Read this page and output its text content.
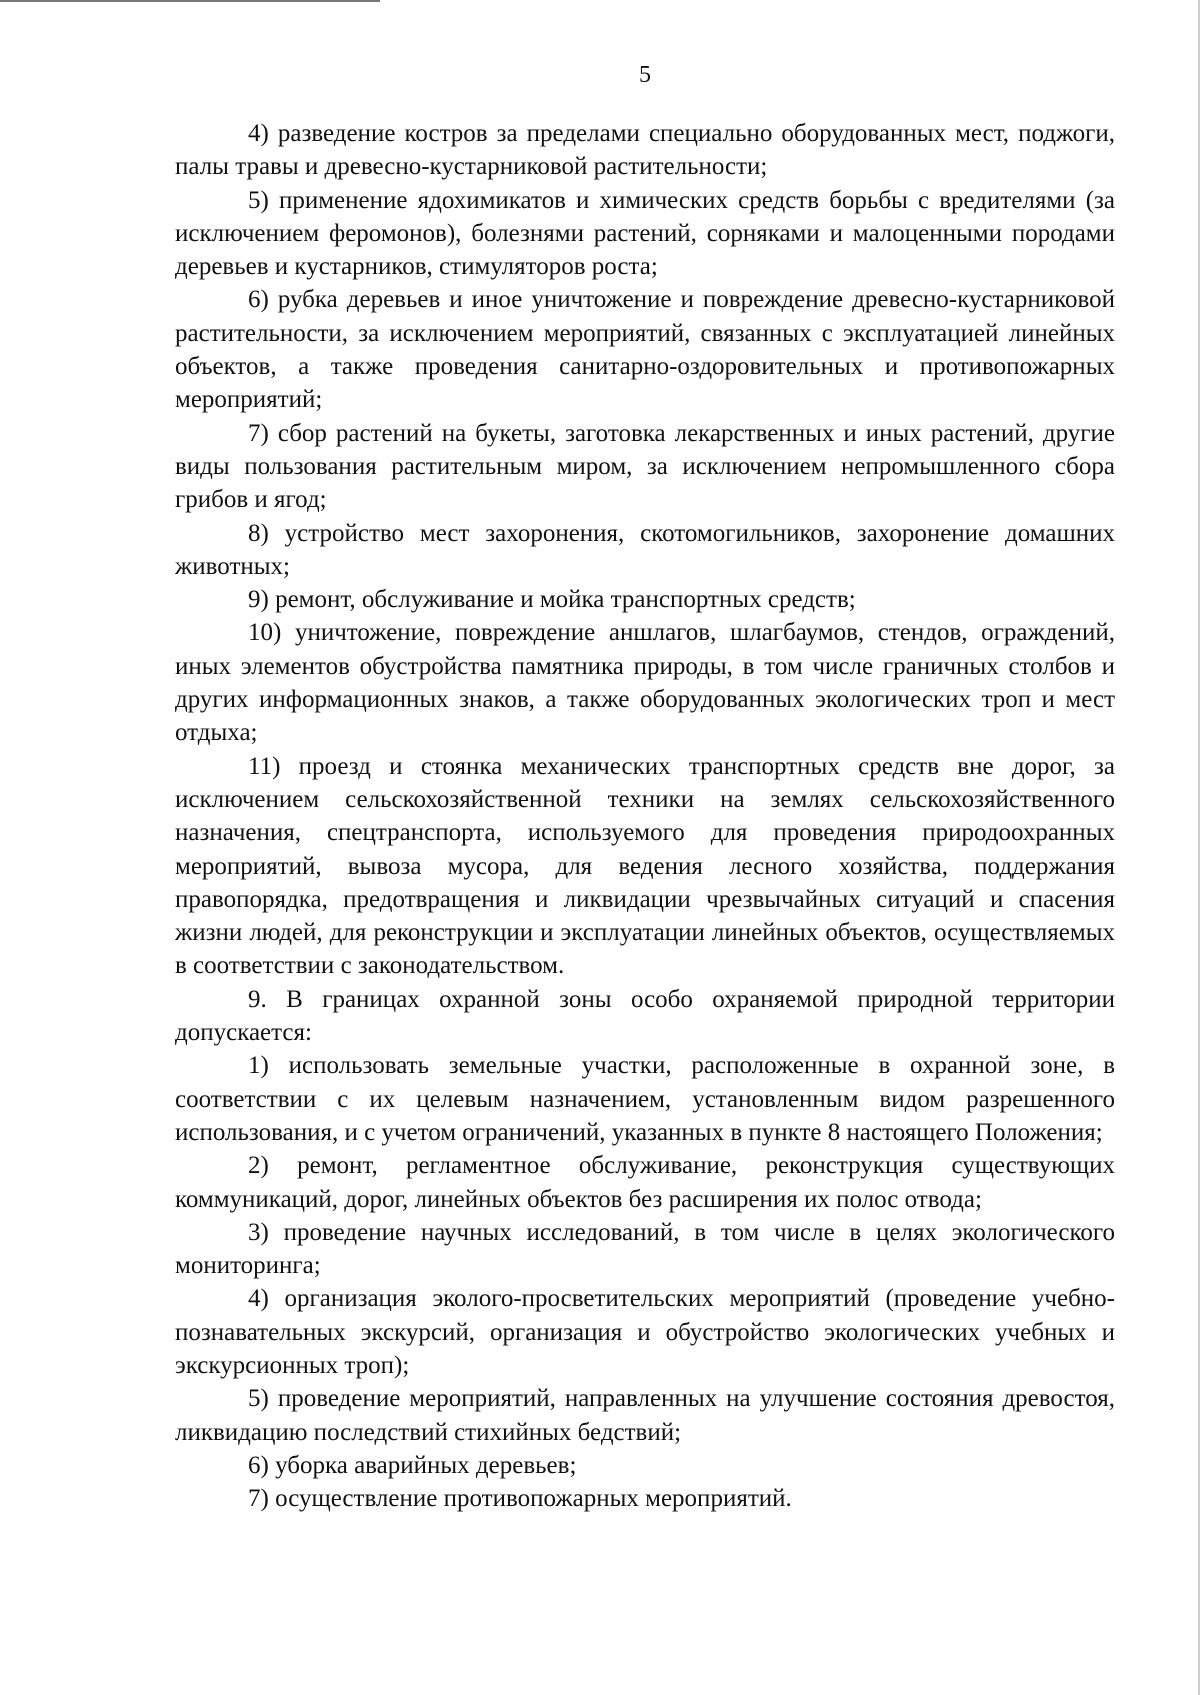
5

4) разведение костров за пределами специально оборудованных мест, поджоги, палы травы и древесно-кустарниковой растительности;

5) применение ядохимикатов и химических средств борьбы с вредителями (за исключением феромонов), болезнями растений, сорняками и малоценными породами деревьев и кустарников, стимуляторов роста;

6) рубка деревьев и иное уничтожение и повреждение древесно-кустарниковой растительности, за исключением мероприятий, связанных с эксплуатацией линейных объектов, а также проведения санитарно-оздоровительных и противопожарных мероприятий;

7) сбор растений на букеты, заготовка лекарственных и иных растений, другие виды пользования растительным миром, за исключением непромышленного сбора грибов и ягод;

8) устройство мест захоронения, скотомогильников, захоронение домашних животных;

9) ремонт, обслуживание и мойка транспортных средств;

10) уничтожение, повреждение аншлагов, шлагбаумов, стендов, ограждений, иных элементов обустройства памятника природы, в том числе граничных столбов и других информационных знаков, а также оборудованных экологических троп и мест отдыха;

11) проезд и стоянка механических транспортных средств вне дорог, за исключением сельскохозяйственной техники на землях сельскохозяйственного назначения, спецтранспорта, используемого для проведения природоохранных мероприятий, вывоза мусора, для ведения лесного хозяйства, поддержания правопорядка, предотвращения и ликвидации чрезвычайных ситуаций и спасения жизни людей, для реконструкции и эксплуатации линейных объектов, осуществляемых в соответствии с законодательством.

9. В границах охранной зоны особо охраняемой природной территории допускается:

1) использовать земельные участки, расположенные в охранной зоне, в соответствии с их целевым назначением, установленным видом разрешенного использования, и с учетом ограничений, указанных в пункте 8 настоящего Положения;

2) ремонт, регламентное обслуживание, реконструкция существующих коммуникаций, дорог, линейных объектов без расширения их полос отвода;

3) проведение научных исследований, в том числе в целях экологического мониторинга;

4) организация эколого-просветительских мероприятий (проведение учебно-познавательных экскурсий, организация и обустройство экологических учебных и экскурсионных троп);

5) проведение мероприятий, направленных на улучшение состояния древостоя, ликвидацию последствий стихийных бедствий;

6) уборка аварийных деревьев;

7) осуществление противопожарных мероприятий.
